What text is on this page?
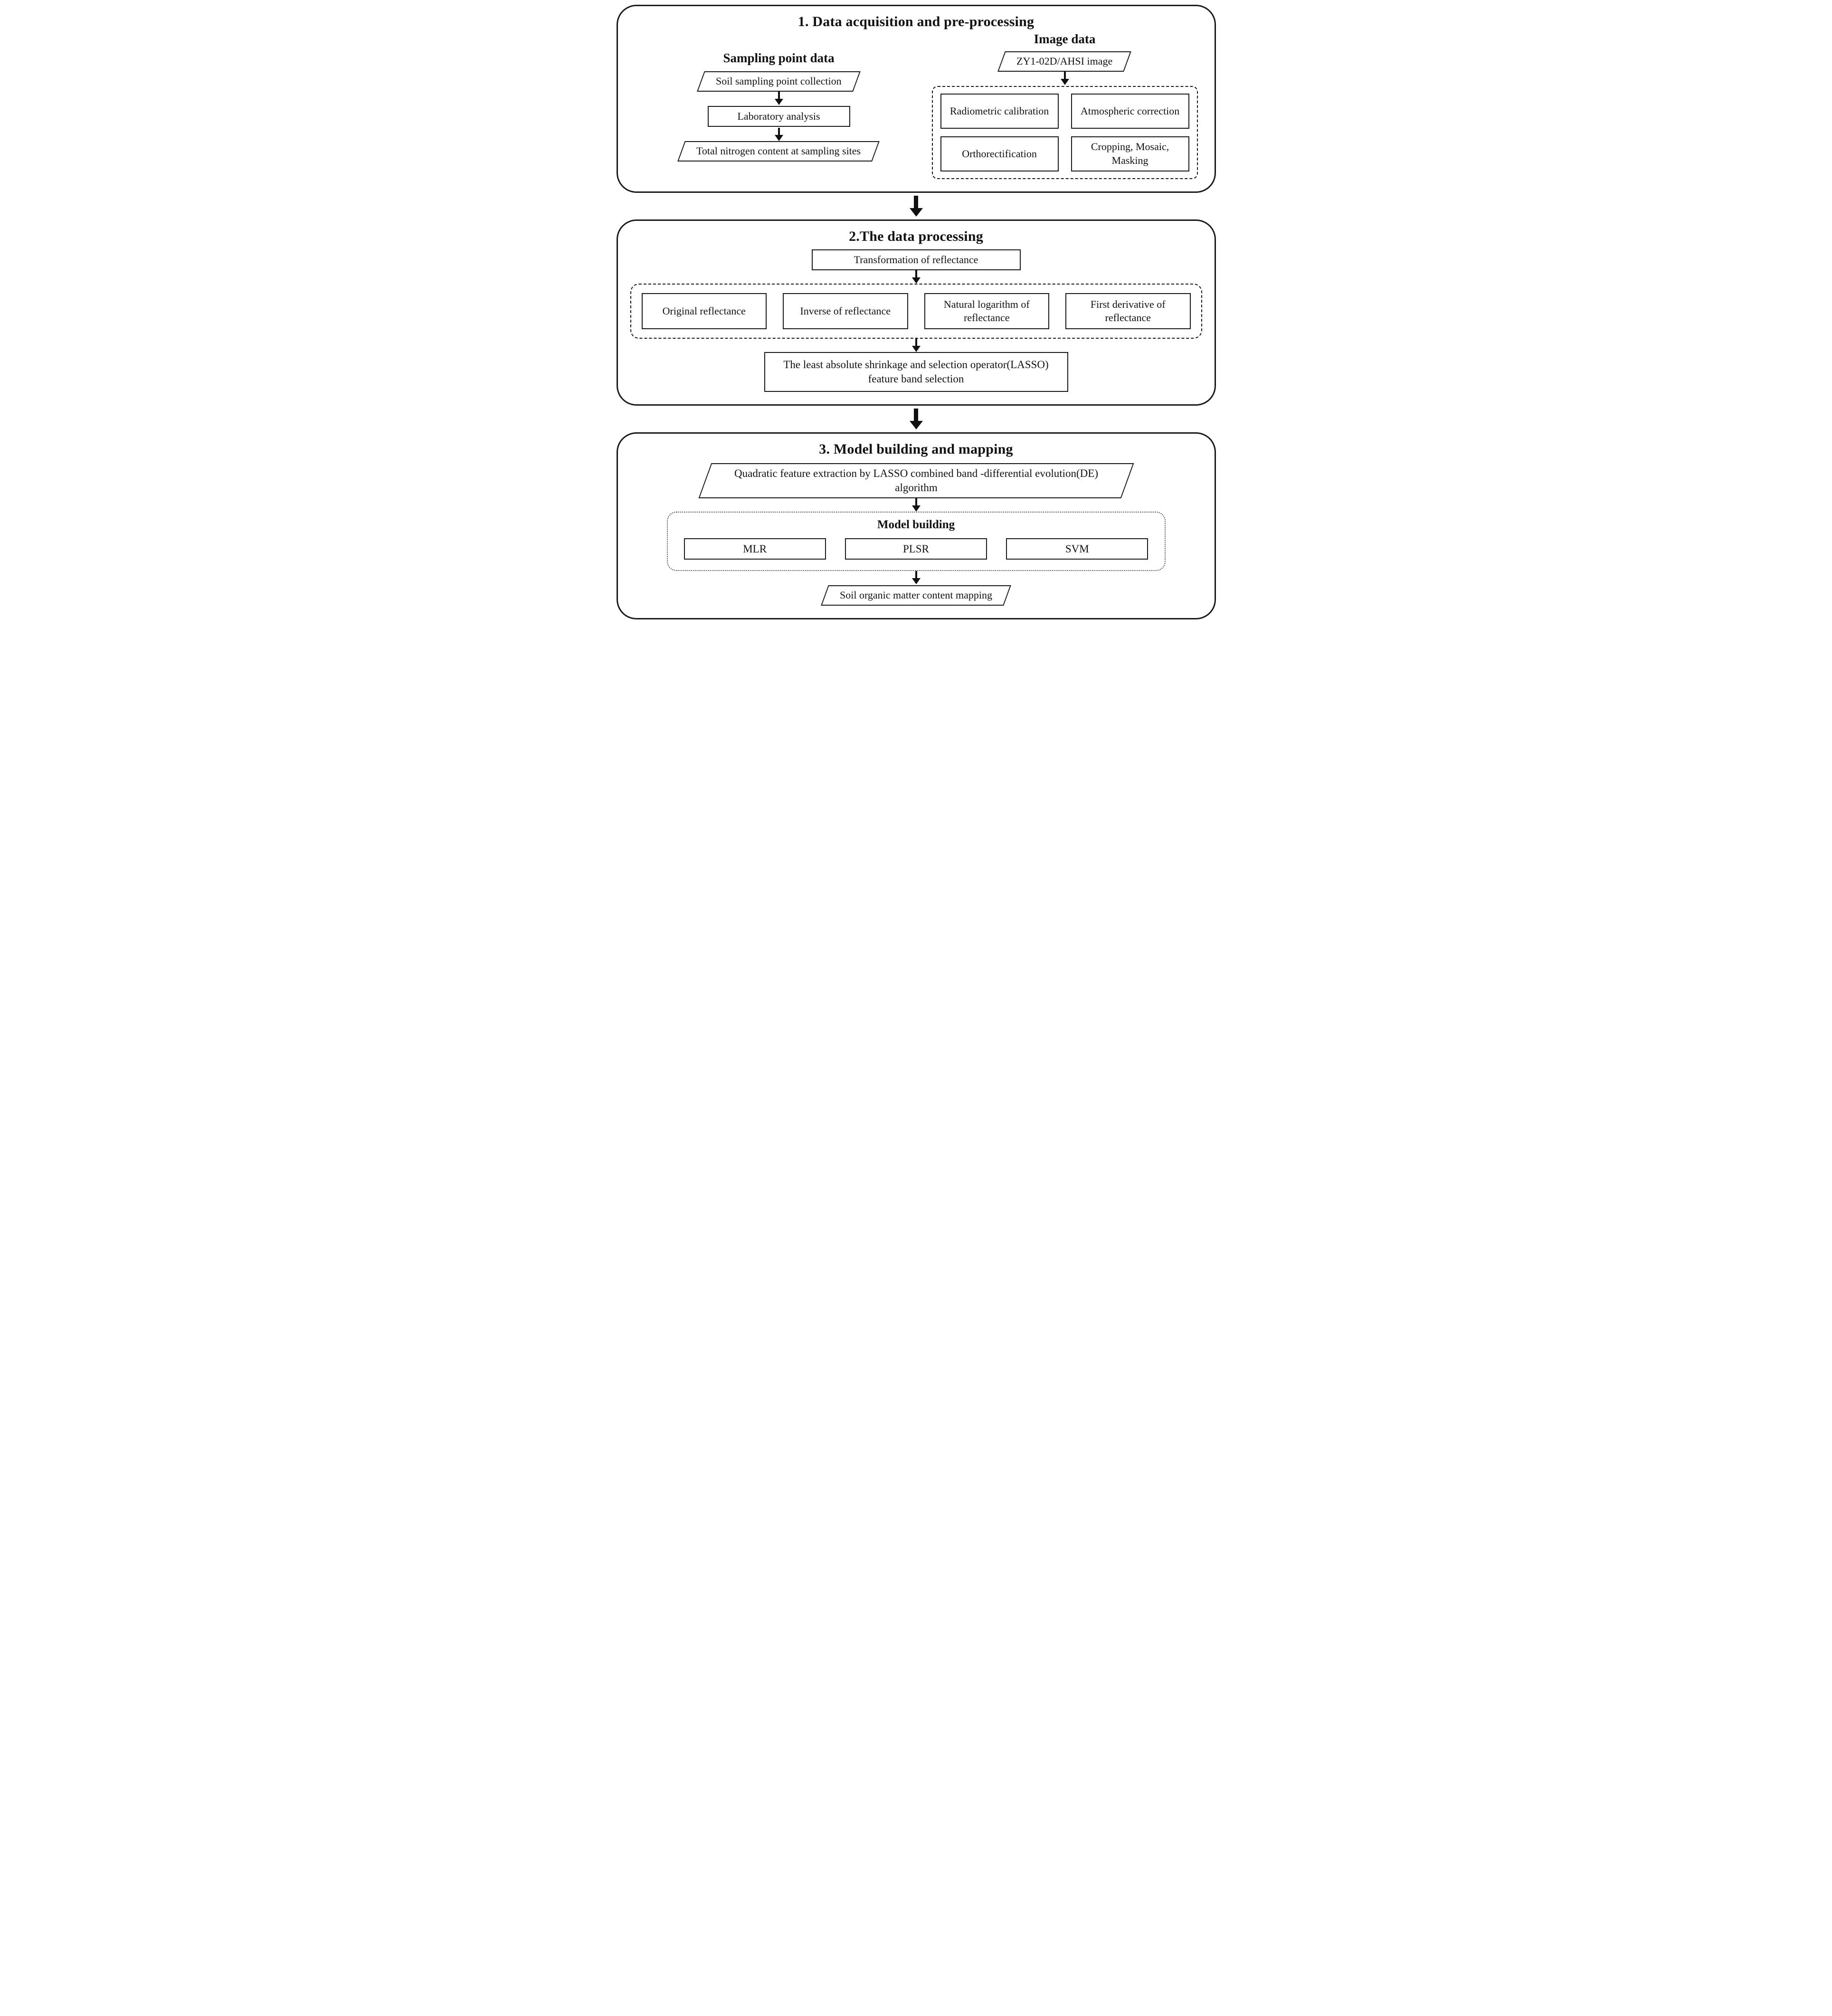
1. Data acquisition and pre-processing
Sampling point data
Soil sampling point collection
Laboratory analysis
Total nitrogen content at sampling sites
Image data
ZY1-02D/AHSI image
Radiometric calibration	Atmospheric correction
Orthorectification
Cropping, Mosaic, Masking
2.The data processing
Transformation of reflectance
Original reflectance	Inverse of reflectance
Natural logarithm of reflectance
First derivative of reflectance
The least absolute shrinkage and selection operator(LASSO) feature band selection
3. Model building and mapping
Quadratic feature extraction by LASSO combined band -differential evolution(DE) algorithm
Model building
MLR	PLSR	SVM
Soil organic matter content mapping
